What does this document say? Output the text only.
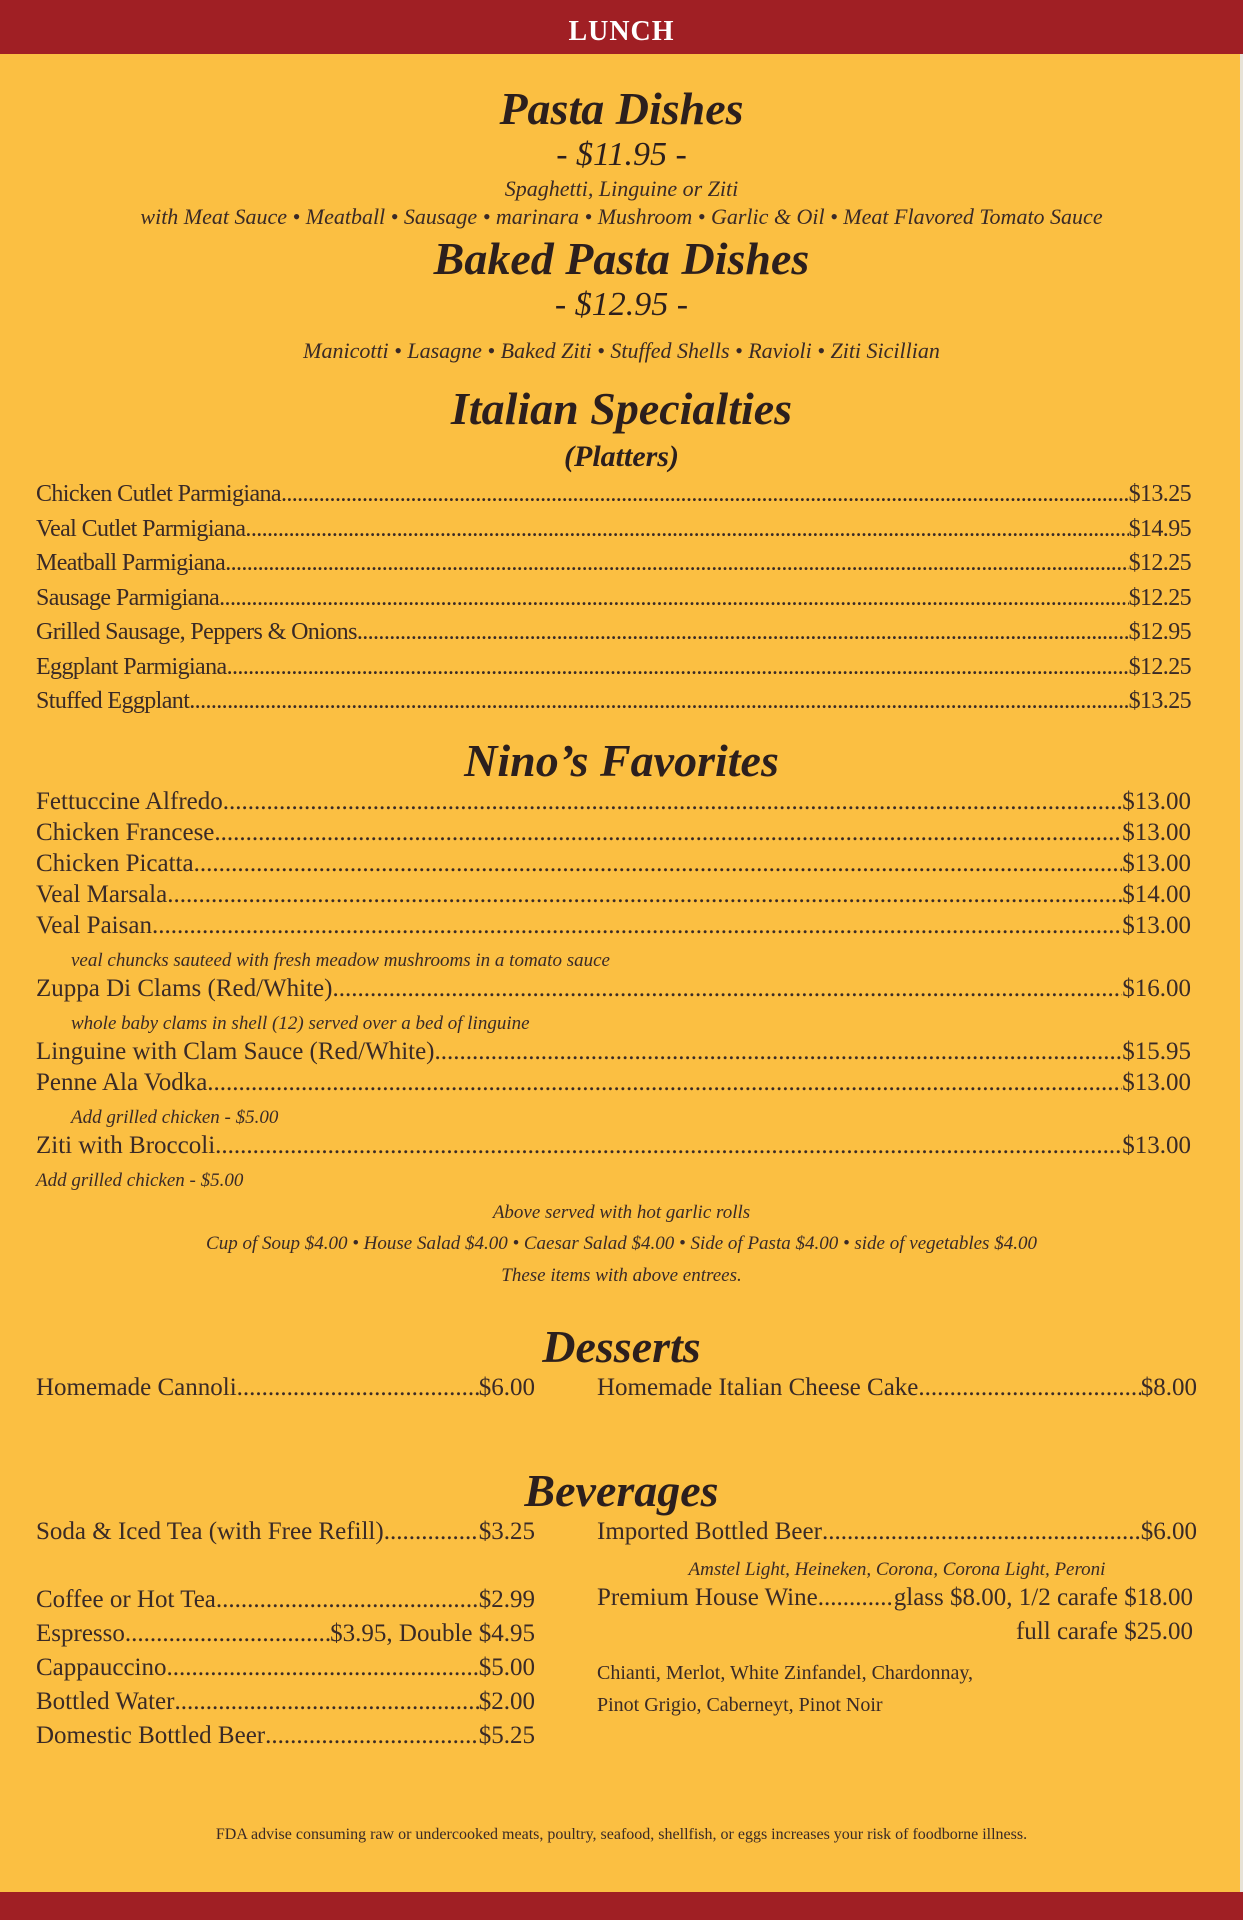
LUNCH
Pasta Dishes
- $11.95 -
Spaghetti, Linguine or Ziti
with Meat Sauce • Meatball • Sausage • marinara • Mushroom • Garlic & Oil • Meat Flavored Tomato Sauce
Baked Pasta Dishes
- $12.95 -
Manicotti • Lasagne • Baked Ziti • Stuffed Shells • Ravioli • Ziti Sicillian
Italian Specialties
(Platters)
Chicken Cutlet Parmigiana .....	$13.25
Veal Cutlet Parmigiana .....	$14.95
Meatball Parmigiana .....	$12.25
Sausage Parmigiana .....	$12.25
Grilled Sausage, Peppers & Onions .....	$12.95
Eggplant Parmigiana .....	$12.25
Stuffed Eggplant .....	$13.25
Nino’s Favorites
Fettuccine Alfredo .....	$13.00
Chicken Francese .....	$13.00
Chicken Picatta .....	$13.00
Veal Marsala .....	$14.00
Veal Paisan .....	$13.00
veal chuncks sauteed with fresh meadow mushrooms in a tomato sauce
Zuppa Di Clams (Red/White) .....	$16.00
whole baby clams in shell (12) served over a bed of linguine
Linguine with Clam Sauce (Red/White) .....	$15.95
Penne Ala Vodka .....	$13.00
Add grilled chicken - $5.00
Ziti with Broccoli .....	$13.00
Add grilled chicken - $5.00
Above served with hot garlic rolls
Cup of Soup $4.00 • House Salad $4.00 • Caesar Salad $4.00 • Side of Pasta $4.00 • side of vegetables $4.00
These items with above entrees.
Desserts
Homemade Cannoli .....	$6.00 Homemade Italian Cheese Cake .....	$8.00
Beverages
Soda & Iced Tea (with Free Refill) .....	$3.25
Coffee or Hot Tea .....	$2.99
Espresso .....	$3.95, Double $4.95
Cappauccino .....	$5.00
Bottled Water .....	$2.00
Domestic Bottled Beer .....	$5.25
Imported Bottled Beer .....	$6.00
Amstel Light, Heineken, Corona, Corona Light, Peroni
Premium House Wine .....	glass $8.00, 1/2 carafe $18.00
full carafe $25.00
Chianti, Merlot, White Zinfandel, Chardonnay,
Pinot Grigio, Caberneyt, Pinot Noir
FDA advise consuming raw or undercooked meats, poultry, seafood, shellfish, or eggs increases your risk of foodborne illness.
